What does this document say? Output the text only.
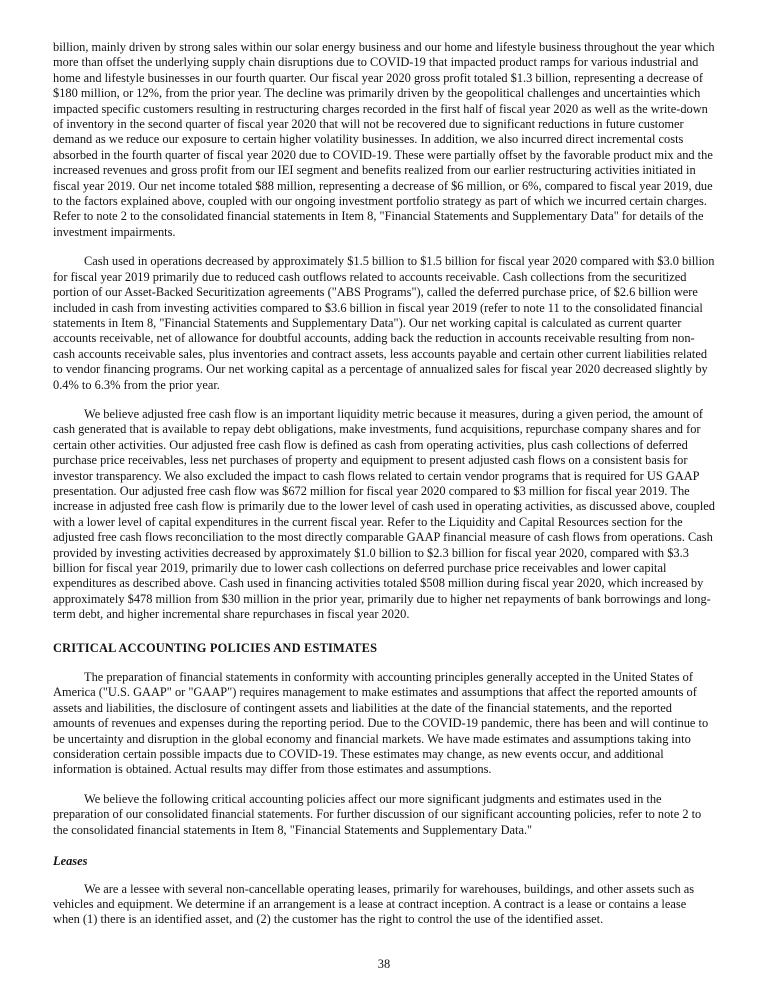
billion, mainly driven by strong sales within our solar energy business and our home and lifestyle business throughout the year which more than offset the underlying supply chain disruptions due to COVID-19 that impacted product ramps for various industrial and home and lifestyle businesses in our fourth quarter. Our fiscal year 2020 gross profit totaled $1.3 billion, representing a decrease of $180 million, or 12%, from the prior year. The decline was primarily driven by the geopolitical challenges and uncertainties which impacted specific customers resulting in restructuring charges recorded in the first half of fiscal year 2020 as well as the write-down of inventory in the second quarter of fiscal year 2020 that will not be recovered due to significant reductions in future customer demand as we reduce our exposure to certain higher volatility businesses. In addition, we also incurred direct incremental costs absorbed in the fourth quarter of fiscal year 2020 due to COVID-19. These were partially offset by the favorable product mix and the increased revenues and gross profit from our IEI segment and benefits realized from our earlier restructuring activities initiated in fiscal year 2019. Our net income totaled $88 million, representing a decrease of $6 million, or 6%, compared to fiscal year 2019, due to the factors explained above, coupled with our ongoing investment portfolio strategy as part of which we incurred certain charges. Refer to note 2 to the consolidated financial statements in Item 8, "Financial Statements and Supplementary Data" for details of the investment impairments.

Cash used in operations decreased by approximately $1.5 billion to $1.5 billion for fiscal year 2020 compared with $3.0 billion for fiscal year 2019 primarily due to reduced cash outflows related to accounts receivable. Cash collections from the securitized portion of our Asset-Backed Securitization agreements ("ABS Programs"), called the deferred purchase price, of $2.6 billion were included in cash from investing activities compared to $3.6 billion in fiscal year 2019 (refer to note 11 to the consolidated financial statements in Item 8, "Financial Statements and Supplementary Data"). Our net working capital is calculated as current quarter accounts receivable, net of allowance for doubtful accounts, adding back the reduction in accounts receivable resulting from non-cash accounts receivable sales, plus inventories and contract assets, less accounts payable and certain other current liabilities related to vendor financing programs. Our net working capital as a percentage of annualized sales for fiscal year 2020 decreased slightly by 0.4% to 6.3% from the prior year.

We believe adjusted free cash flow is an important liquidity metric because it measures, during a given period, the amount of cash generated that is available to repay debt obligations, make investments, fund acquisitions, repurchase company shares and for certain other activities. Our adjusted free cash flow is defined as cash from operating activities, plus cash collections of deferred purchase price receivables, less net purchases of property and equipment to present adjusted cash flows on a consistent basis for investor transparency. We also excluded the impact to cash flows related to certain vendor programs that is required for US GAAP presentation. Our adjusted free cash flow was $672 million for fiscal year 2020 compared to $3 million for fiscal year 2019. The increase in adjusted free cash flow is primarily due to the lower level of cash used in operating activities, as discussed above, coupled with a lower level of capital expenditures in the current fiscal year. Refer to the Liquidity and Capital Resources section for the adjusted free cash flows reconciliation to the most directly comparable GAAP financial measure of cash flows from operations. Cash provided by investing activities decreased by approximately $1.0 billion to $2.3 billion for fiscal year 2020, compared with $3.3 billion for fiscal year 2019, primarily due to lower cash collections on deferred purchase price receivables and lower capital expenditures as described above. Cash used in financing activities totaled $508 million during fiscal year 2020, which increased by approximately $478 million from $30 million in the prior year, primarily due to higher net repayments of bank borrowings and long-term debt, and higher incremental share repurchases in fiscal year 2020.

CRITICAL ACCOUNTING POLICIES AND ESTIMATES

The preparation of financial statements in conformity with accounting principles generally accepted in the United States of America ("U.S. GAAP" or "GAAP") requires management to make estimates and assumptions that affect the reported amounts of assets and liabilities, the disclosure of contingent assets and liabilities at the date of the financial statements, and the reported amounts of revenues and expenses during the reporting period. Due to the COVID-19 pandemic, there has been and will continue to be uncertainty and disruption in the global economy and financial markets. We have made estimates and assumptions taking into consideration certain possible impacts due to COVID-19. These estimates may change, as new events occur, and additional information is obtained. Actual results may differ from those estimates and assumptions.

We believe the following critical accounting policies affect our more significant judgments and estimates used in the preparation of our consolidated financial statements. For further discussion of our significant accounting policies, refer to note 2 to the consolidated financial statements in Item 8, "Financial Statements and Supplementary Data."

Leases

We are a lessee with several non-cancellable operating leases, primarily for warehouses, buildings, and other assets such as vehicles and equipment. We determine if an arrangement is a lease at contract inception. A contract is a lease or contains a lease when (1) there is an identified asset, and (2) the customer has the right to control the use of the identified asset.

38
